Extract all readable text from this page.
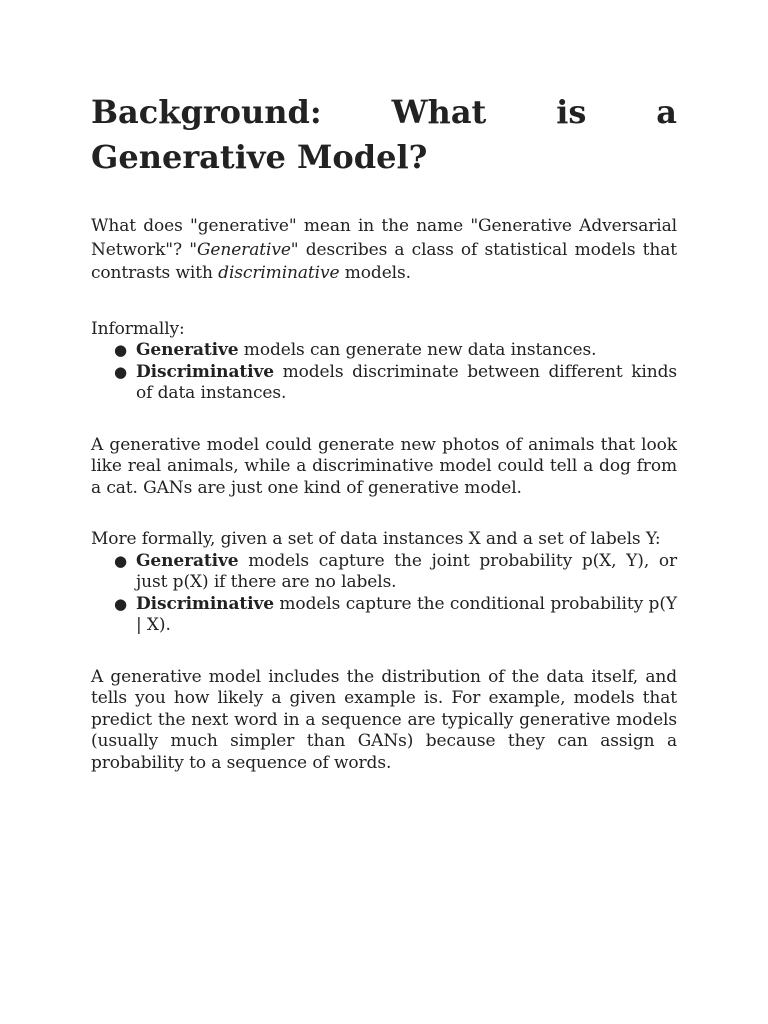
Background: What is a Generative Model?

What does "generative" mean in the name "Generative Adversarial Network"? "Generative" describes a class of statistical models that contrasts with discriminative models.

Informally:

● Generative models can generate new data instances.
● Discriminative models discriminate between different kinds of data instances.

A generative model could generate new photos of animals that look like real animals, while a discriminative model could tell a dog from a cat. GANs are just one kind of generative model.

More formally, given a set of data instances X and a set of labels Y:

● Generative models capture the joint probability p(X, Y), or just p(X) if there are no labels.
● Discriminative models capture the conditional probability p(Y | X).

A generative model includes the distribution of the data itself, and tells you how likely a given example is. For example, models that predict the next word in a sequence are typically generative models (usually much simpler than GANs) because they can assign a probability to a sequence of words.
